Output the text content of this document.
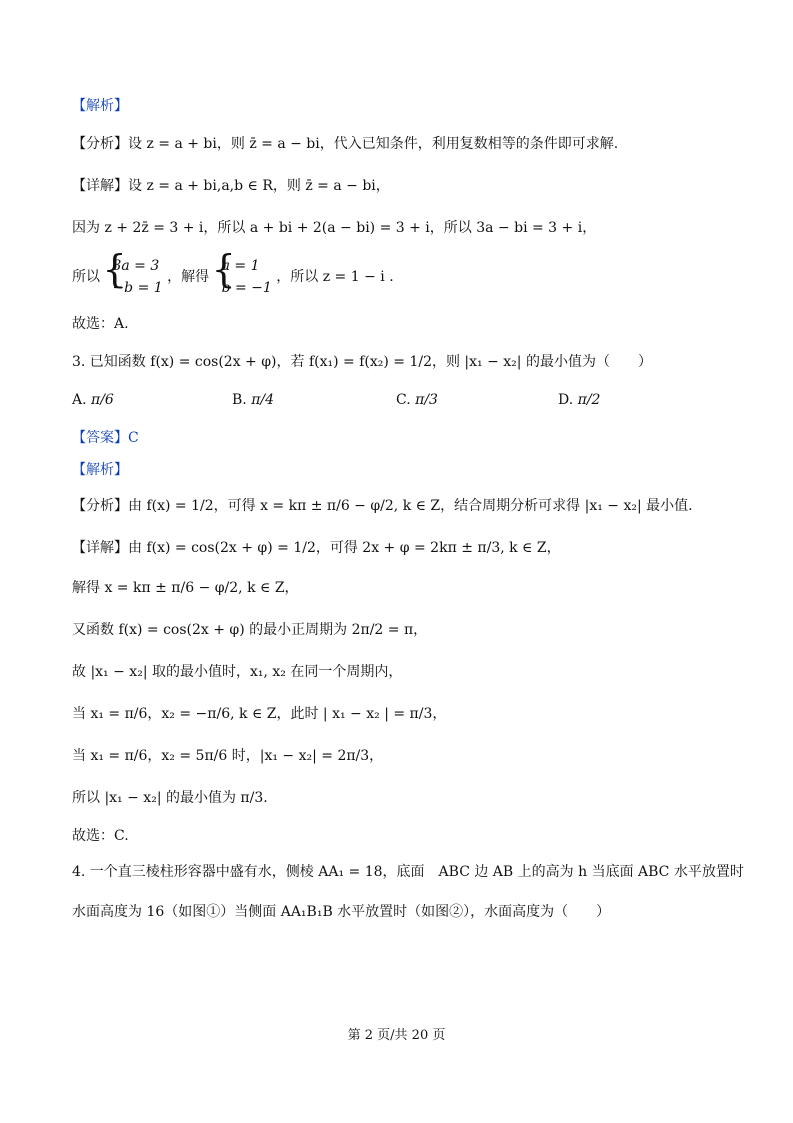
【解析】
【分析】设 z = a + bi，则 z̄ = a − bi，代入已知条件，利用复数相等的条件即可求解.
【详解】设 z = a + bi,a,b ∈ R，则 z̄ = a − bi，
因为 z + 2z̄ = 3 + i，所以 a + bi + 2(a − bi) = 3 + i，所以 3a − bi = 3 + i，
所以
{ 3a = 3
−b = 1
，解得
{ a = 1
b = −1
，所以 z = 1 − i .
故选：A.
3. 已知函数 f(x) = cos(2x + φ)，若 f(x₁) = f(x₂) = 1/2，则 |x₁ − x₂| 的最小值为（　　）
A. π/6	B. π/4	C. π/3	D. π/2
【答案】C
【解析】
【分析】由 f(x) = 1/2，可得 x = kπ ± π/6 − φ/2, k ∈ Z，结合周期分析可求得 |x₁ − x₂| 最小值.
【详解】由 f(x) = cos(2x + φ) = 1/2，可得 2x + φ = 2kπ ± π/3, k ∈ Z，
解得 x = kπ ± π/6 − φ/2, k ∈ Z，
又函数 f(x) = cos(2x + φ) 的最小正周期为 2π/2 = π，
故 |x₁ − x₂| 取的最小值时，x₁, x₂ 在同一个周期内，
当 x₁ = π/6，x₂ = −π/6, k ∈ Z，此时 | x₁ − x₂ | = π/3，
当 x₁ = π/6，x₂ = 5π/6 时，|x₁ − x₂| = 2π/3，
所以 |x₁ − x₂| 的最小值为 π/3.
故选：C.
4. 一个直三棱柱形容器中盛有水，侧棱 AA₁ = 18，底面　ABC 边 AB 上的高为 h 当底面 ABC 水平放置时
水面高度为 16（如图①）当侧面 AA₁B₁B 水平放置时（如图②），水面高度为（　　）
第 2 页/共 20 页
